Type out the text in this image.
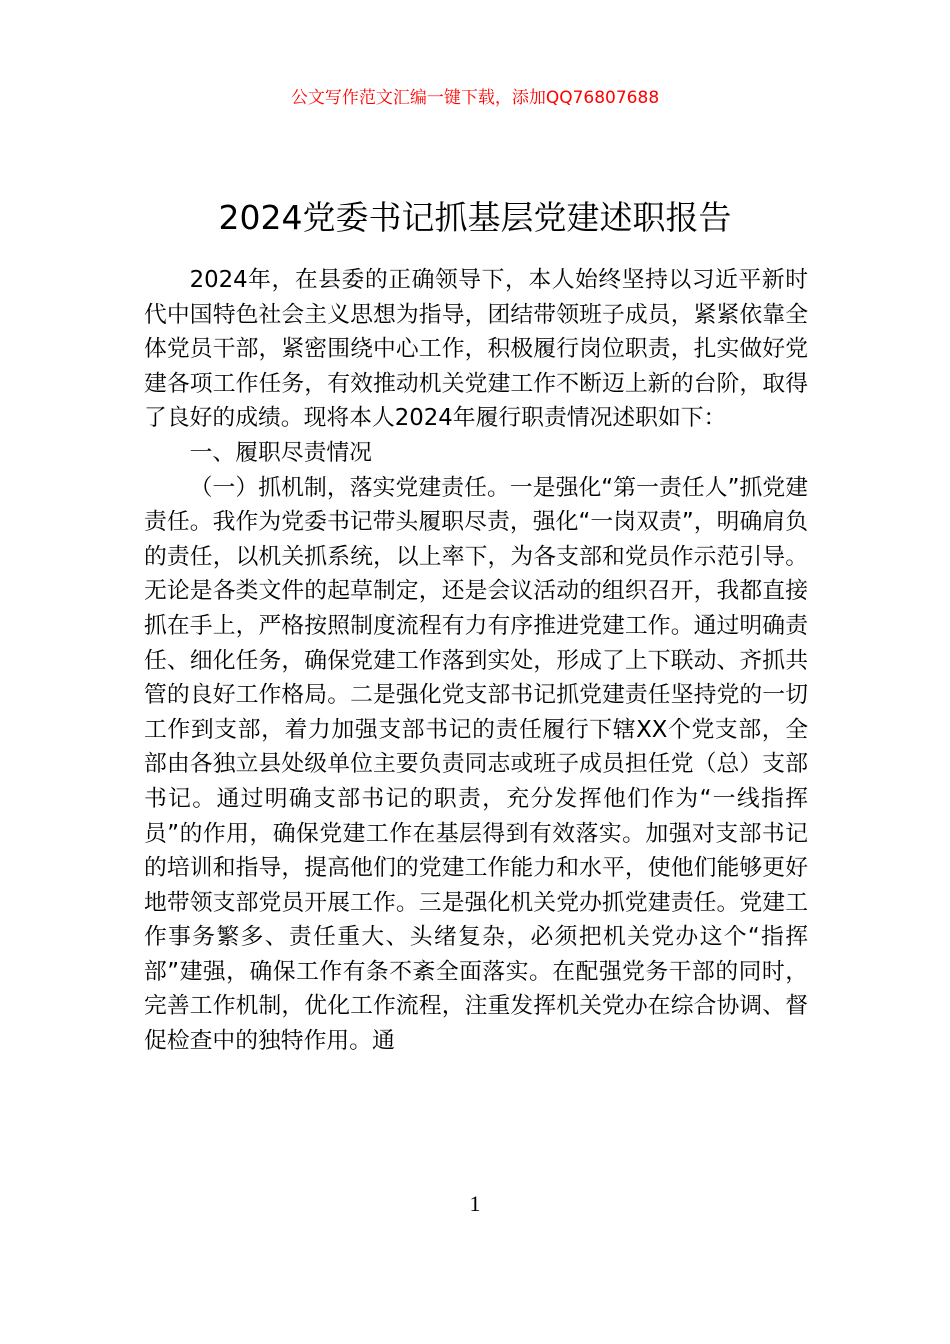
公文写作范文汇编一键下载，添加QQ76807688
2024党委书记抓基层党建述职报告

2024年，在县委的正确领导下，本人始终坚持以习近平新时代中国特色社会主义思想为指导，团结带领班子成员，紧紧依靠全体党员干部，紧密围绕中心工作，积极履行岗位职责，扎实做好党建各项工作任务，有效推动机关党建工作不断迈上新的台阶，取得了良好的成绩。现将本人2024年履行职责情况述职如下：

一、履职尽责情况

（一）抓机制，落实党建责任。一是强化“第一责任人”抓党建责任。我作为党委书记带头履职尽责，强化“一岗双责”，明确肩负的责任，以机关抓系统，以上率下，为各支部和党员作示范引导。无论是各类文件的起草制定，还是会议活动的组织召开，我都直接抓在手上，严格按照制度流程有力有序推进党建工作。通过明确责任、细化任务，确保党建工作落到实处，形成了上下联动、齐抓共管的良好工作格局。二是强化党支部书记抓党建责任坚持党的一切工作到支部，着力加强支部书记的责任履行下辖XX个党支部，全部由各独立县处级单位主要负责同志或班子成员担任党（总）支部书记。通过明确支部书记的职责，充分发挥他们作为“一线指挥员”的作用，确保党建工作在基层得到有效落实。加强对支部书记的培训和指导，提高他们的党建工作能力和水平，使他们能够更好地带领支部党员开展工作。三是强化机关党办抓党建责任。党建工作事务繁多、责任重大、头绪复杂，必须把机关党办这个“指挥部”建强，确保工作有条不紊全面落实。在配强党务干部的同时，完善工作机制，优化工作流程，注重发挥机关党办在综合协调、督促检查中的独特作用。通

1
